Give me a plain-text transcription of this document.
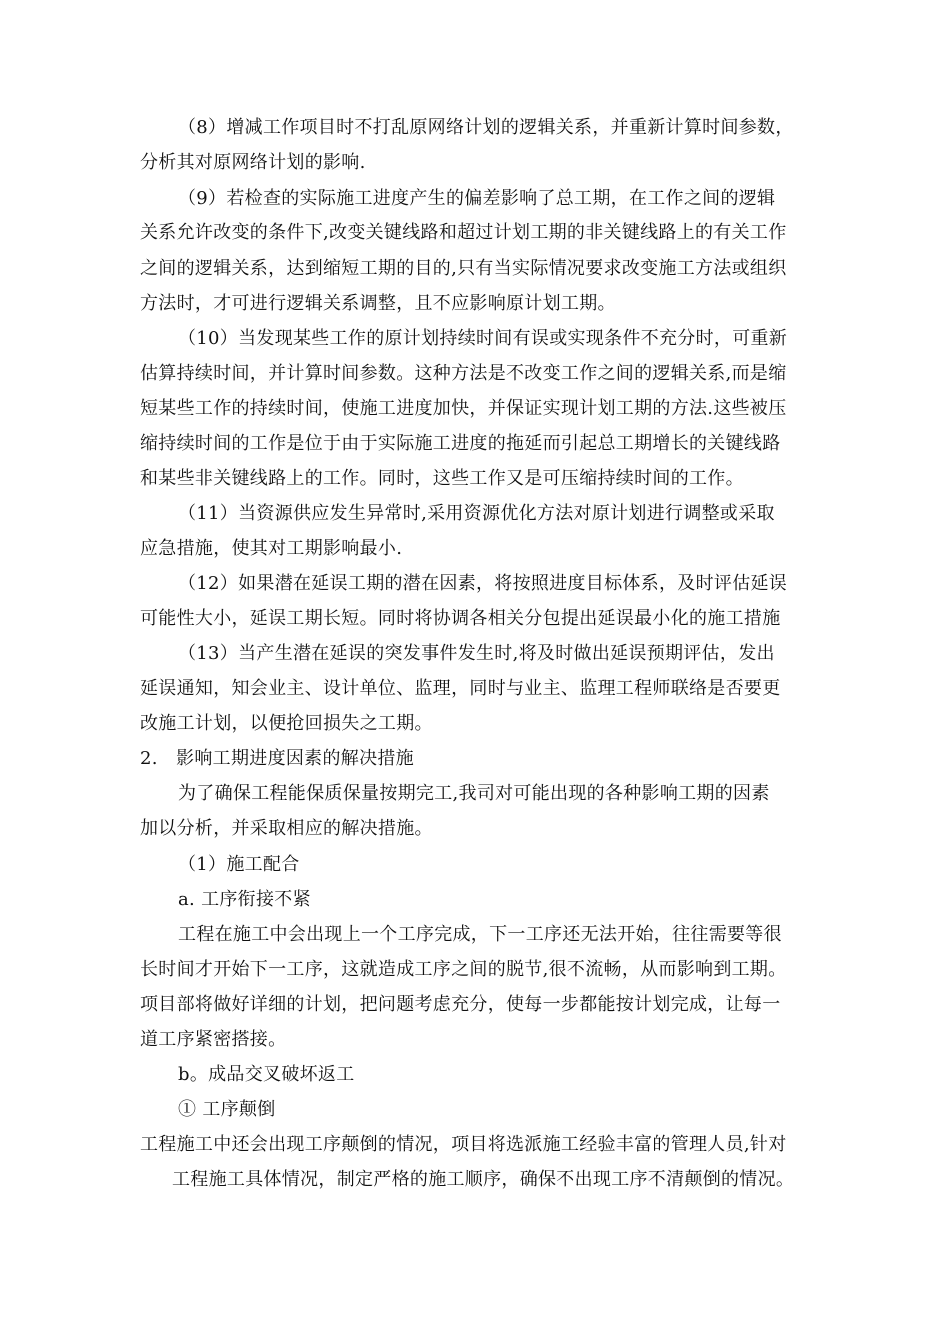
（8）增减工作项目时不打乱原网络计划的逻辑关系，并重新计算时间参数，
分析其对原网络计划的影响.
（9）若检查的实际施工进度产生的偏差影响了总工期，在工作之间的逻辑
关系允许改变的条件下,改变关键线路和超过计划工期的非关键线路上的有关工作
之间的逻辑关系，达到缩短工期的目的,只有当实际情况要求改变施工方法或组织
方法时，才可进行逻辑关系调整，且不应影响原计划工期。
（10）当发现某些工作的原计划持续时间有误或实现条件不充分时，可重新
估算持续时间，并计算时间参数。这种方法是不改变工作之间的逻辑关系,而是缩
短某些工作的持续时间，使施工进度加快，并保证实现计划工期的方法.这些被压
缩持续时间的工作是位于由于实际施工进度的拖延而引起总工期增长的关键线路
和某些非关键线路上的工作。同时，这些工作又是可压缩持续时间的工作。
（11）当资源供应发生异常时,采用资源优化方法对原计划进行调整或采取
应急措施，使其对工期影响最小.
（12）如果潜在延误工期的潜在因素，将按照进度目标体系，及时评估延误
可能性大小，延误工期长短。同时将协调各相关分包提出延误最小化的施工措施
（13）当产生潜在延误的突发事件发生时,将及时做出延误预期评估，发出
延误通知，知会业主、设计单位、监理，同时与业主、监理工程师联络是否要更
改施工计划，以便抢回损失之工期。
2.　影响工期进度因素的解决措施
为了确保工程能保质保量按期完工,我司对可能出现的各种影响工期的因素
加以分析，并采取相应的解决措施。
（1）施工配合
a. 工序衔接不紧
工程在施工中会出现上一个工序完成，下一工序还无法开始，往往需要等很
长时间才开始下一工序，这就造成工序之间的脱节,很不流畅，从而影响到工期。
项目部将做好详细的计划，把问题考虑充分，使每一步都能按计划完成，让每一
道工序紧密搭接。
b。成品交叉破坏返工
① 工序颠倒
工程施工中还会出现工序颠倒的情况，项目将选派施工经验丰富的管理人员,针对
工程施工具体情况，制定严格的施工顺序，确保不出现工序不清颠倒的情况。
